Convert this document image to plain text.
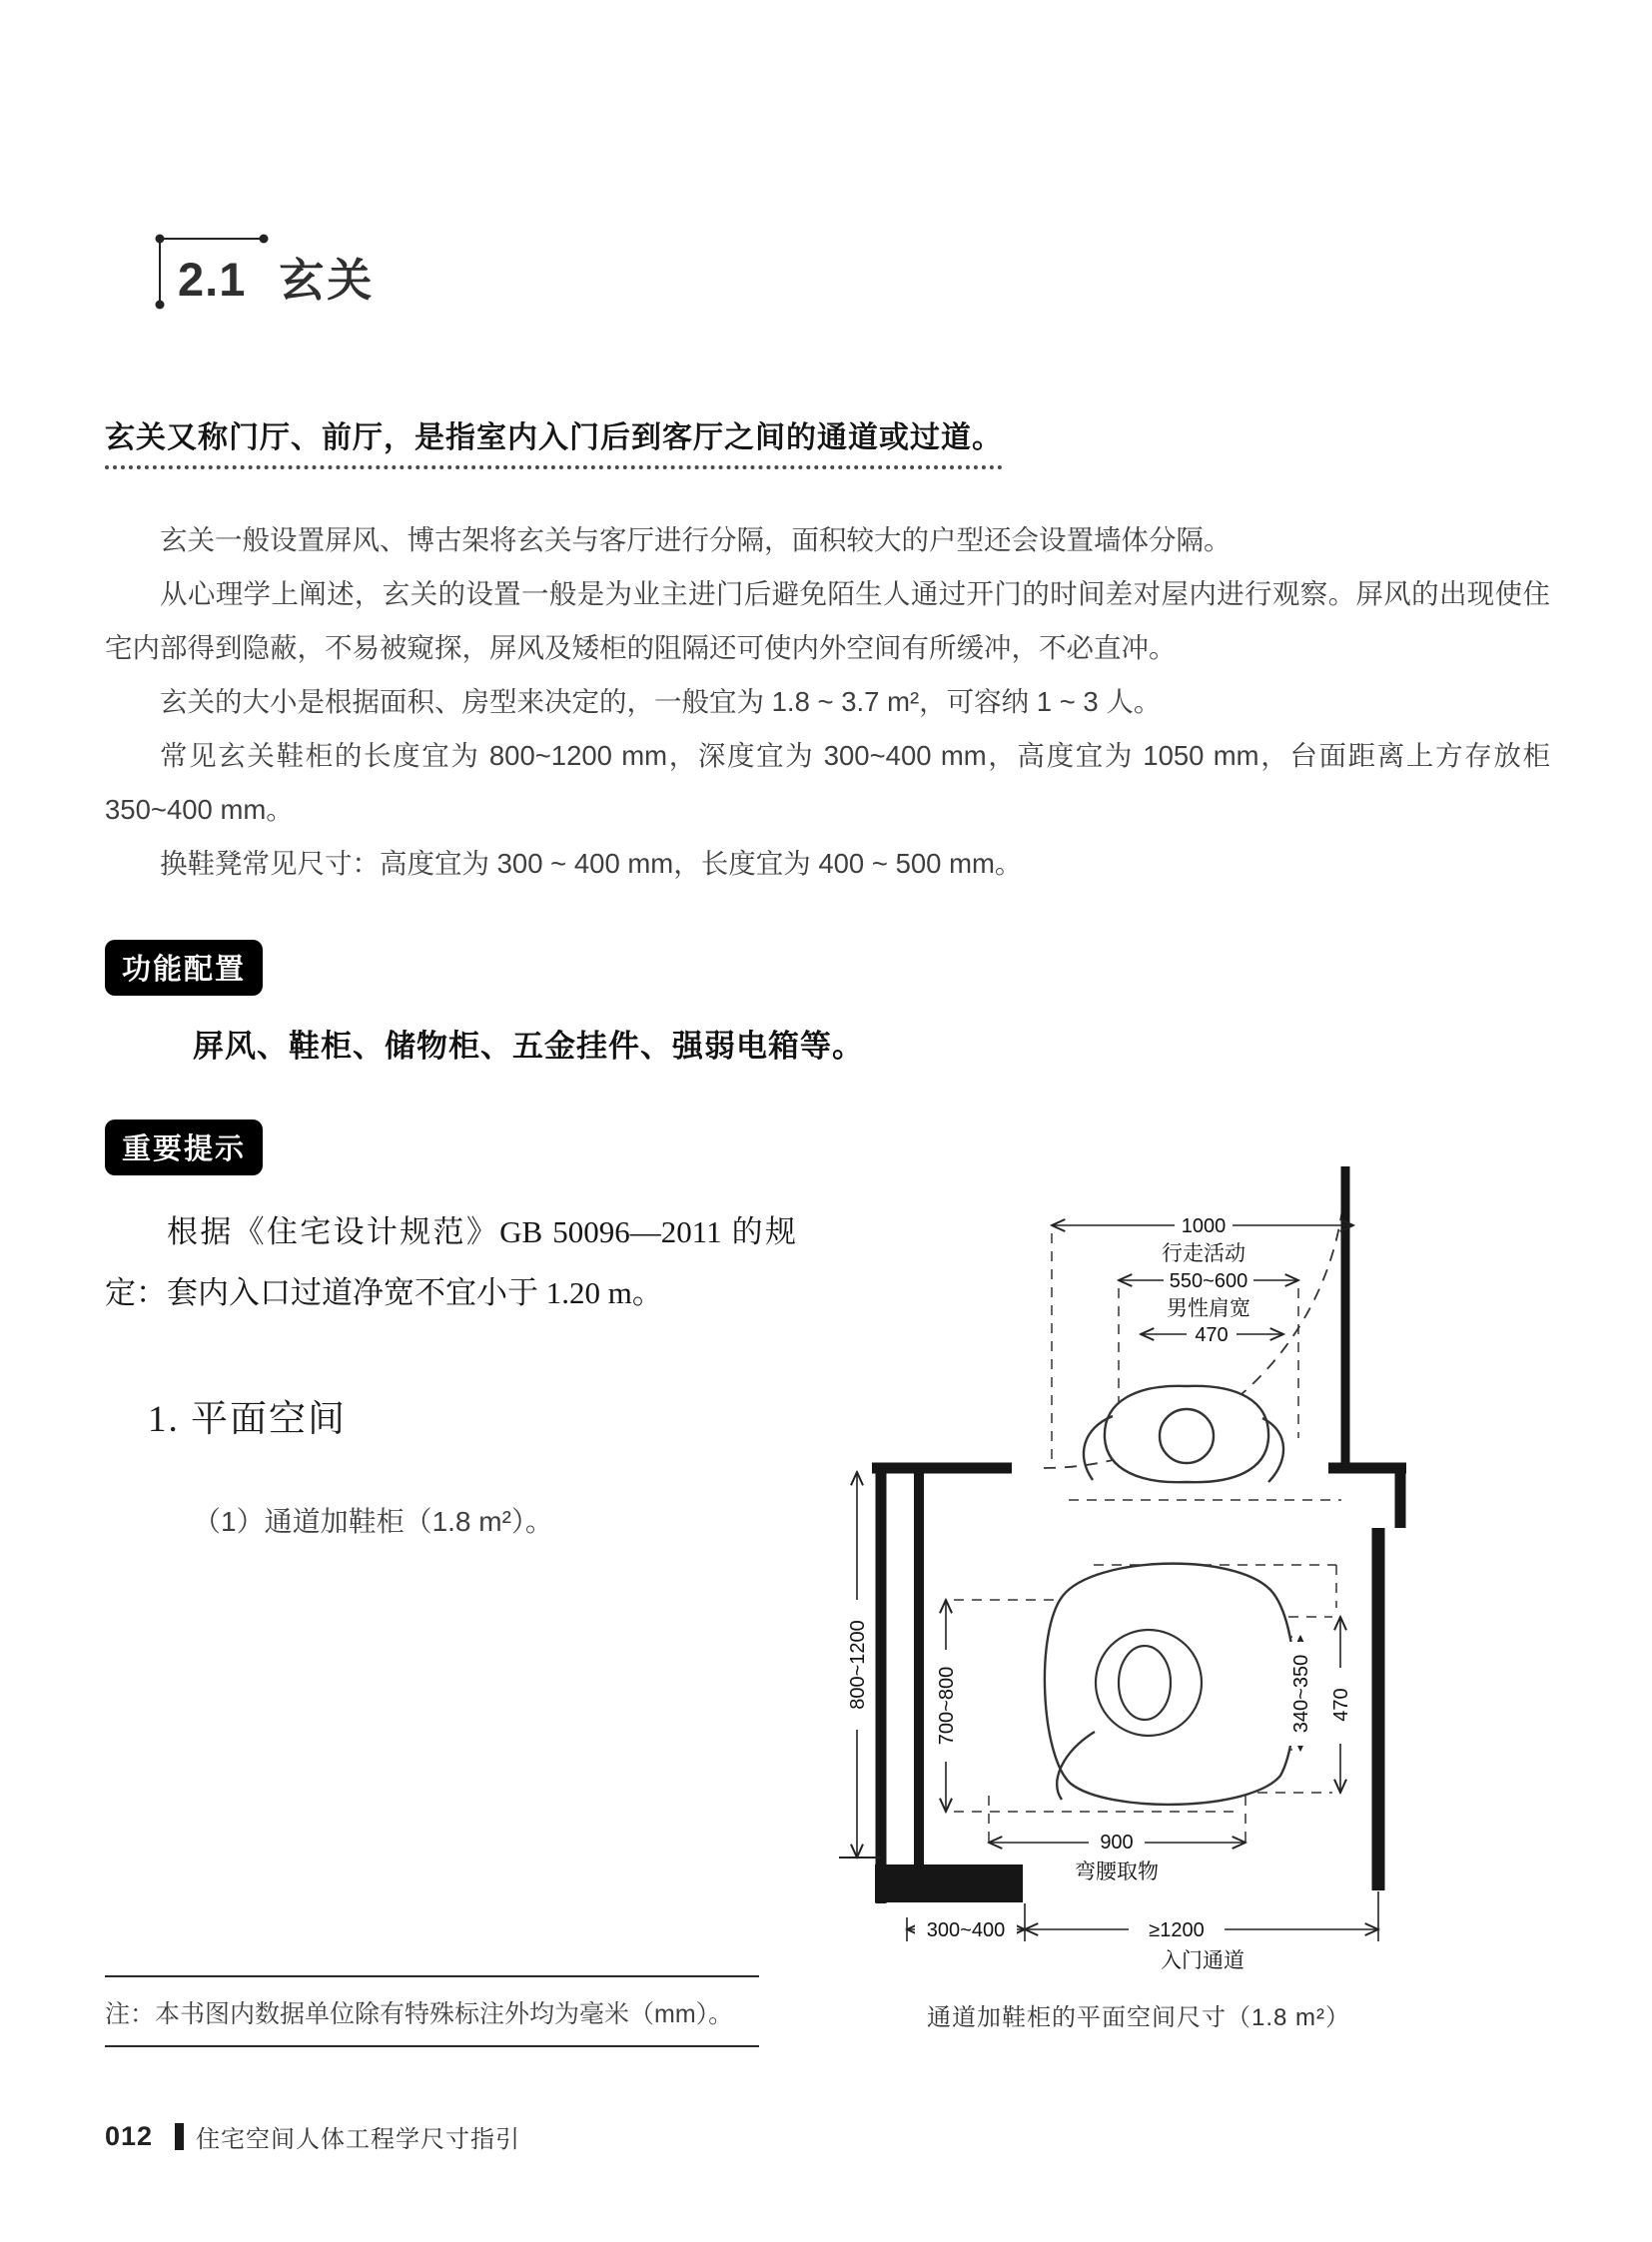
2.1 玄关
玄关又称门厅、前厅，是指室内入门后到客厅之间的通道或过道。

玄关一般设置屏风、博古架将玄关与客厅进行分隔，面积较大的户型还会设置墙体分隔。

从心理学上阐述，玄关的设置一般是为业主进门后避免陌生人通过开门的时间差对屋内进行观察。屏风的出现使住宅内部得到隐蔽，不易被窥探，屏风及矮柜的阻隔还可使内外空间有所缓冲，不必直冲。

玄关的大小是根据面积、房型来决定的，一般宜为 1.8 ~ 3.7 m²，可容纳 1 ~ 3 人。

常见玄关鞋柜的长度宜为 800~1200 mm，深度宜为 300~400 mm，高度宜为 1050 mm，台面距离上方存放柜 350~400 mm。

换鞋凳常见尺寸：高度宜为 300 ~ 400 mm，长度宜为 400 ~ 500 mm。

功能配置
屏风、鞋柜、储物柜、五金挂件、强弱电箱等。
重要提示
根据《住宅设计规范》GB 50096—2011 的规定：套内入口过道净宽不宜小于 1.20 m。
1. 平面空间
（1）通道加鞋柜（1.8 m²）。
1000
行走活动
550~600
男性肩宽
470
800~1200	700~800	340~350 470
900
弯腰取物
300~400	≥1200
入门通道
通道加鞋柜的平面空间尺寸（1.8 m²）
注：本书图内数据单位除有特殊标注外均为毫米（mm）。
012 住宅空间人体工程学尺寸指引
